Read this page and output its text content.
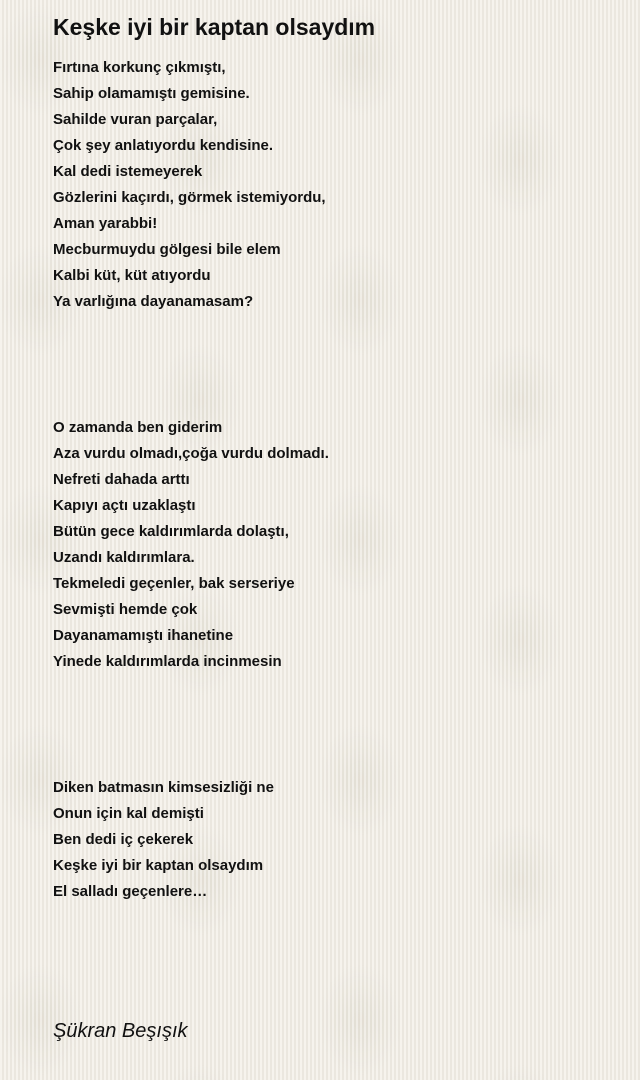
Keşke iyi bir kaptan olsaydım
Fırtına korkunç çıkmıştı,
Sahip olamamıştı gemisine.
Sahilde vuran parçalar,
Çok şey anlatıyordu kendisine.
Kal dedi istemeyerek
Gözlerini kaçırdı, görmek istemiyordu,
Aman yarabbi!
Mecburmuydu gölgesi bile elem
Kalbi küt, küt atıyordu
Ya varlığına dayanamasam?
O zamanda ben giderim
Aza vurdu olmadı,çoğa vurdu dolmadı.
Nefreti dahada arttı
Kapıyı açtı uzaklaştı
Bütün gece kaldırımlarda dolaştı,
Uzandı kaldırımlara.
Tekmeledi geçenler, bak serseriye
Sevmişti hemde çok
Dayanamamıştı ihanetine
Yinede kaldırımlarda incinmesin
Diken batmasın kimsesizliği ne
Onun için kal demişti
Ben dedi iç çekerek
Keşke iyi bir kaptan olsaydım
El salladı geçenlere…
Şükran Beşışık
